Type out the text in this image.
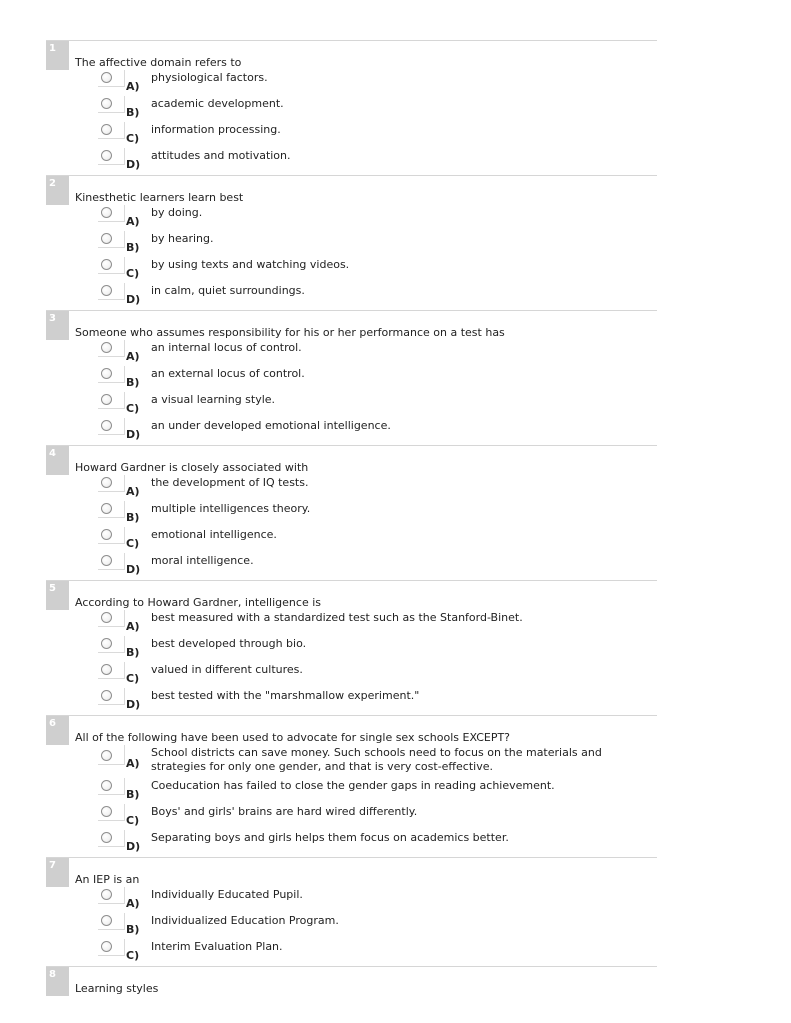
1
The affective domain refers to
A)
physiological factors.
B)
academic development.
C)
information processing.
D)
attitudes and motivation.
2
Kinesthetic learners learn best
A)
by doing.
B)
by hearing.
C)
by using texts and watching videos.
D)
in calm, quiet surroundings.
3
Someone who assumes responsibility for his or her performance on a test has
A)
an internal locus of control.
B)
an external locus of control.
C)
a visual learning style.
D)
an under developed emotional intelligence.
4
Howard Gardner is closely associated with
A)
the development of IQ tests.
B)
multiple intelligences theory.
C)
emotional intelligence.
D)
moral intelligence.
5
According to Howard Gardner, intelligence is
A)
best measured with a standardized test such as the Stanford-Binet.
B)
best developed through bio.
C)
valued in different cultures.
D)
best tested with the "marshmallow experiment."
6
All of the following have been used to advocate for single sex schools EXCEPT?
A)
School districts can save money. Such schools need to focus on the materials and strategies for only one gender, and that is very cost-effective.
B)
Coeducation has failed to close the gender gaps in reading achievement.
C)
Boys' and girls' brains are hard wired differently.
D)
Separating boys and girls helps them focus on academics better.
7
An IEP is an
A)
Individually Educated Pupil.
B)
Individualized Education Program.
C)
Interim Evaluation Plan.
8
Learning styles
